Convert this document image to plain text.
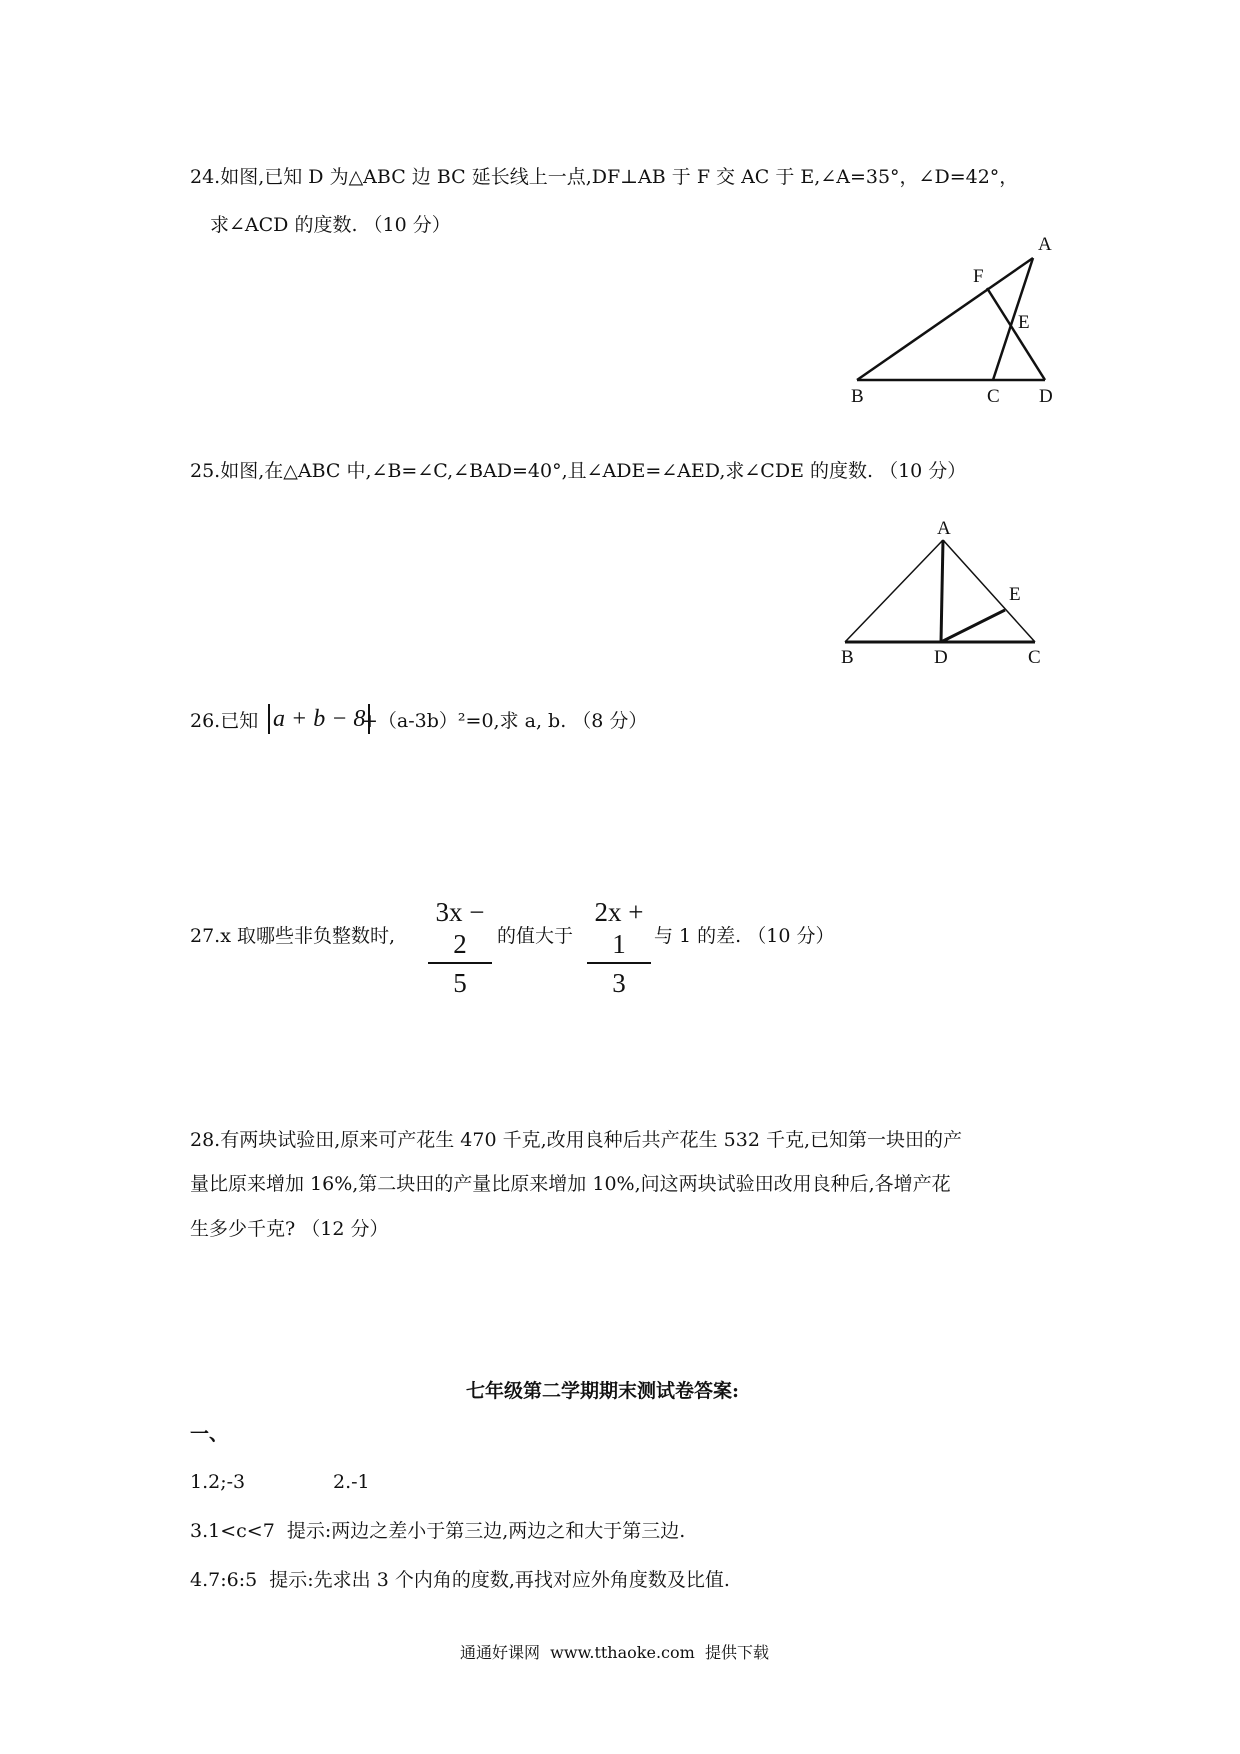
24.如图,已知 D 为△ABC 边 BC 延长线上一点,DF⊥AB 于 F 交 AC 于 E,∠A=35°，∠D=42°，
求∠ACD 的度数. （10 分）
A
F
E
B	C D
25.如图,在△ABC 中,∠B=∠C,∠BAD=40°,且∠ADE=∠AED,求∠CDE 的度数. （10 分）
A
E
B	D	C
26.已知 a + b − 8
+（a-3b）²=0,求 a, b. （8 分）
27.x 取哪些非负整数时,
3x − 2
5
的值大于
2x + 1
3
与 1 的差. （10 分）
28.有两块试验田,原来可产花生 470 千克,改用良种后共产花生 532 千克,已知第一块田的产
量比原来增加 16%,第二块田的产量比原来增加 10%,问这两块试验田改用良种后,各增产花
生多少千克? （12 分）
七年级第二学期期末测试卷答案:
一、
1.2;-3	2.-1
3.1<c<7  提示:两边之差小于第三边,两边之和大于第三边.
4.7:6:5  提示:先求出 3 个内角的度数,再找对应外角度数及比值.
通通好课网  www.tthaoke.com  提供下载
